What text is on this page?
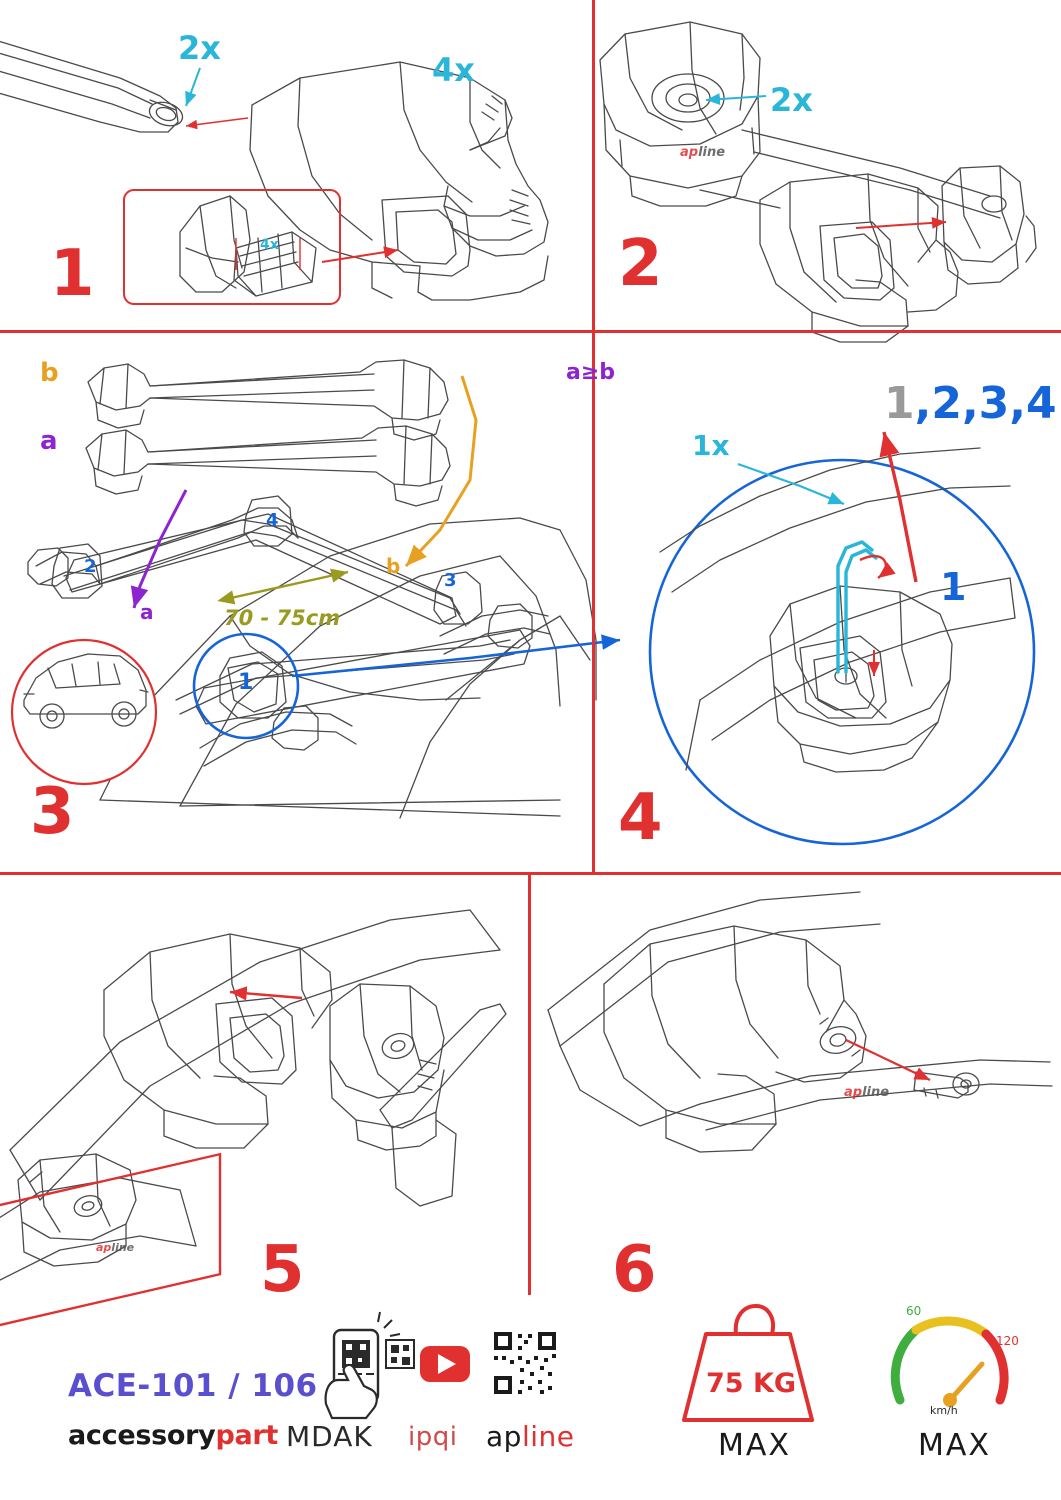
1	2
3	4
5	6
2x
4x
4x
2x
b
a
a
b
1
2
3
4
70 - 75cm
a≥b
1x
1
1,2,3,4
ACE-101 / 106
accessorypart MDAK ipqi apline
75 KG
MAX	MAX
km/h
60
120
apline
apline
apline
